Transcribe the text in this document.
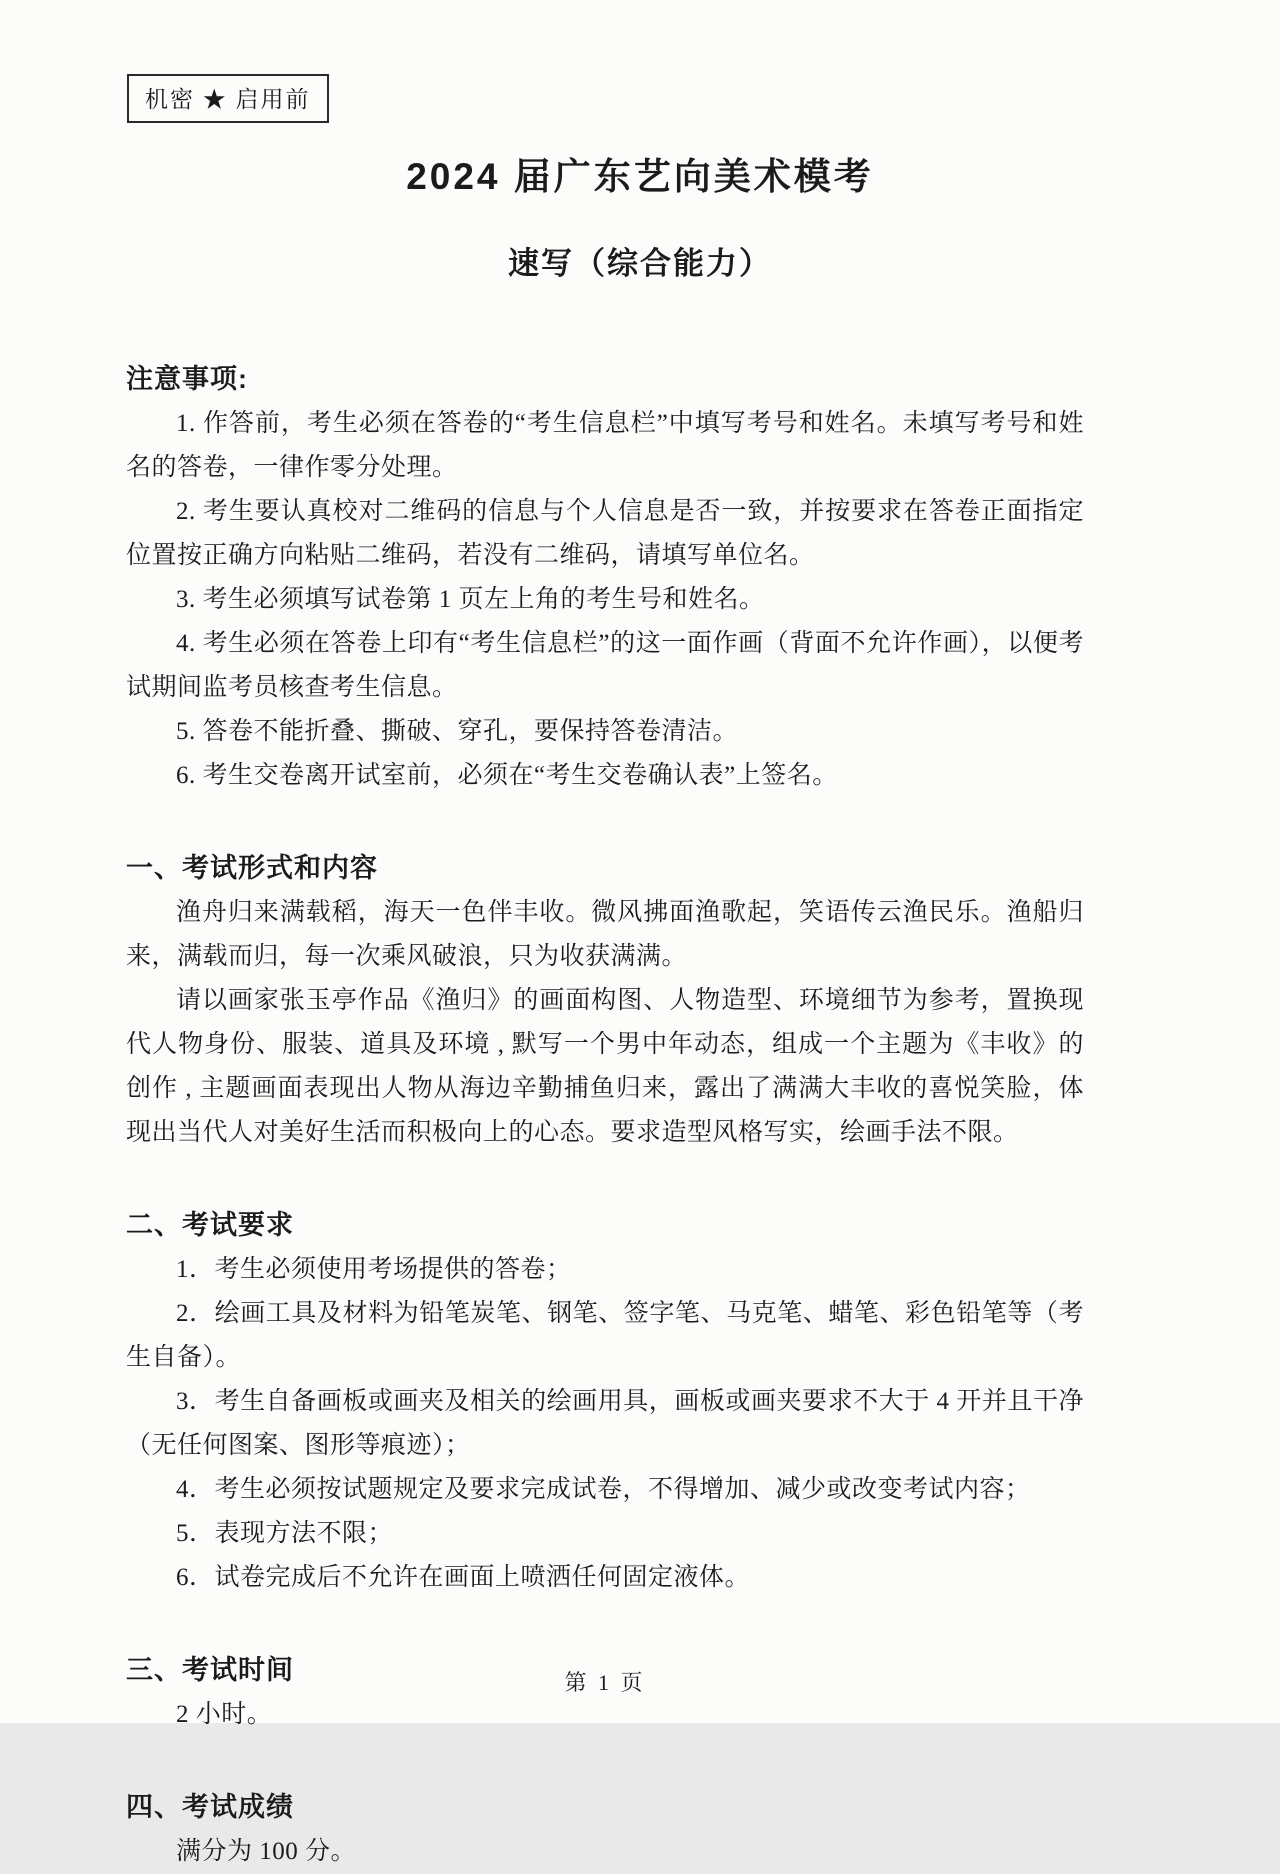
机密 ★ 启用前
2024 届广东艺向美术模考
速写（综合能力）
注意事项:

1. 作答前，考生必须在答卷的“考生信息栏”中填写考号和姓名。未填写考号和姓名的答卷，一律作零分处理。

2. 考生要认真校对二维码的信息与个人信息是否一致，并按要求在答卷正面指定位置按正确方向粘贴二维码，若没有二维码，请填写单位名。

3. 考生必须填写试卷第 1 页左上角的考生号和姓名。

4. 考生必须在答卷上印有“考生信息栏”的这一面作画（背面不允许作画），以便考试期间监考员核查考生信息。

5. 答卷不能折叠、撕破、穿孔，要保持答卷清洁。

6. 考生交卷离开试室前，必须在“考生交卷确认表”上签名。

一、考试形式和内容

渔舟归来满载稻，海天一色伴丰收。微风拂面渔歌起，笑语传云渔民乐。渔船归来，满载而归，每一次乘风破浪，只为收获满满。

请以画家张玉亭作品《渔归》的画面构图、人物造型、环境细节为参考，置换现代人物身份、服装、道具及环境 , 默写一个男中年动态，组成一个主题为《丰收》的创作 , 主题画面表现出人物从海边辛勤捕鱼归来，露出了满满大丰收的喜悦笑脸，体现出当代人对美好生活而积极向上的心态。要求造型风格写实，绘画手法不限。

二、考试要求

1．考生必须使用考场提供的答卷；

2．绘画工具及材料为铅笔炭笔、钢笔、签字笔、马克笔、蜡笔、彩色铅笔等（考生自备）。

3．考生自备画板或画夹及相关的绘画用具，画板或画夹要求不大于 4 开并且干净（无任何图案、图形等痕迹）；

4．考生必须按试题规定及要求完成试卷，不得增加、减少或改变考试内容；

5．表现方法不限；

6．试卷完成后不允许在画面上喷洒任何固定液体。

三、考试时间

2 小时。

四、考试成绩

满分为 100 分。

第 1 页
